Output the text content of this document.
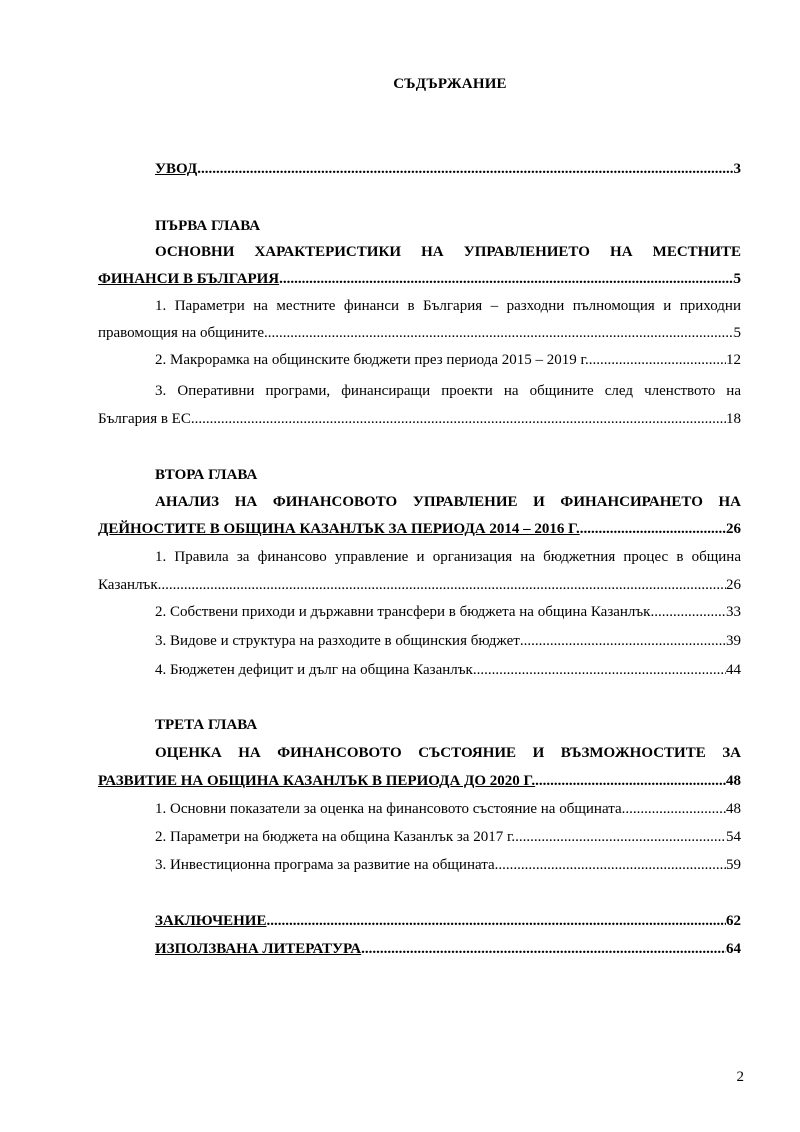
СЪДЪРЖАНИЕ
УВОД .....	3
ПЪРВА ГЛАВА
ОСНОВНИ ХАРАКТЕРИСТИКИ НА УПРАВЛЕНИЕТО НА МЕСТНИТЕ
ФИНАНСИ В БЪЛГАРИЯ .....	5
1. Параметри на местните финанси в България – разходни пълномощия и приходни
правомощия на общините .....	5
2. Макрорамка на общинските бюджети през периода 2015 – 2019 г. .....	12
3. Оперативни програми, финансиращи проекти на общините след членството на
България в ЕС .....	18
ВТОРА ГЛАВА
АНАЛИЗ НА ФИНАНСОВОТО УПРАВЛЕНИЕ И ФИНАНСИРАНЕТО НА
ДЕЙНОСТИТЕ В ОБЩИНА КАЗАНЛЪК ЗА ПЕРИОДА 2014 – 2016 Г. .....	26
1. Правила за финансово управление и организация на бюджетния процес в община
Казанлък .....	26
2. Собствени приходи и държавни трансфери в бюджета на община Казанлък .....	33
3. Видове и структура на разходите в общинския бюджет .....	39
4. Бюджетен дефицит и дълг на община Казанлък .....	44
ТРЕТА ГЛАВА
ОЦЕНКА НА ФИНАНСОВОТО СЪСТОЯНИЕ И ВЪЗМОЖНОСТИТЕ ЗА
РАЗВИТИЕ НА ОБЩИНА КАЗАНЛЪК В ПЕРИОДА ДО 2020 Г. .....	48
1. Основни показатели за оценка на финансовото състояние на общината .....	48
2. Параметри на бюджета на община Казанлък за 2017 г. .....	54
3. Инвестиционна програма за развитие на общината .....	59
ЗАКЛЮЧЕНИЕ .....	62
ИЗПОЛЗВАНА ЛИТЕРАТУРА .....	64
2
